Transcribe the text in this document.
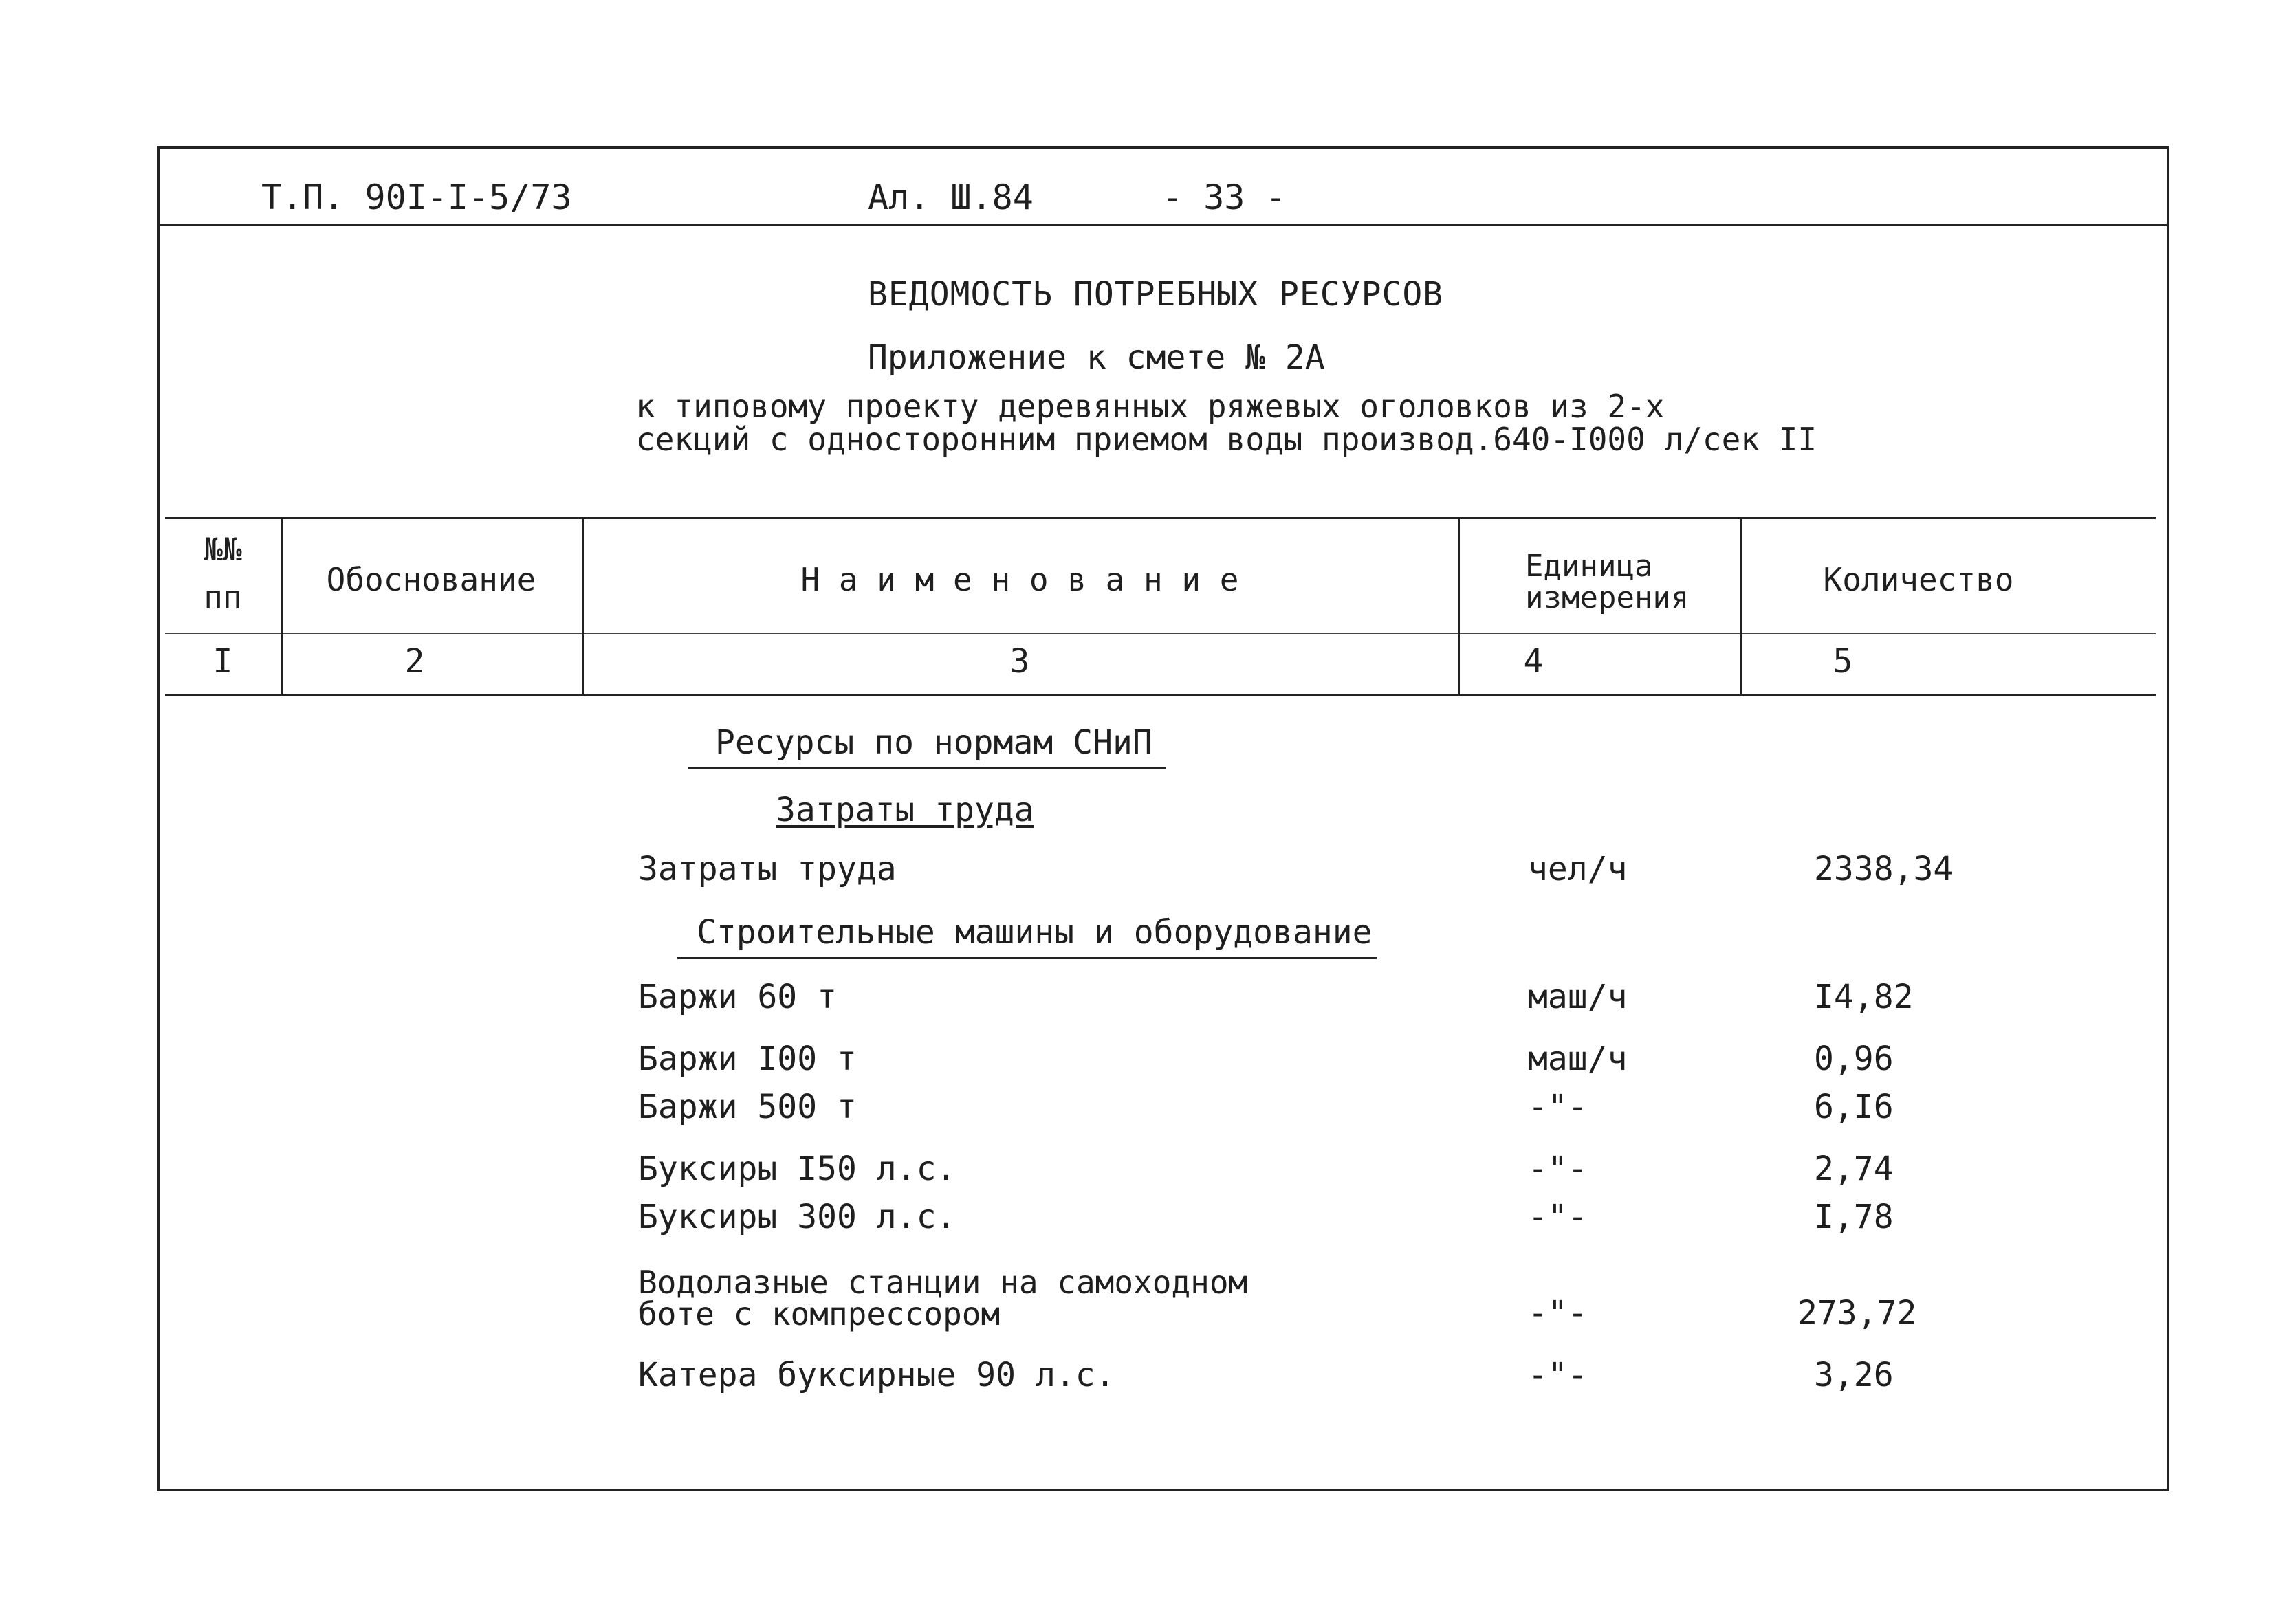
Т.П. 90I-I-5/73	Ал. Ш.84	- 33 -
ВЕДОМОСТЬ ПОТРЕБНЫХ РЕСУРСОВ
Приложение к смете № 2А
к типовому проекту деревянных ряжевых оголовков из 2-х
секций с односторонним приемом воды производ.640-I000 л/сек II
№№
пп	Обоснование	Н а и м е н о в а н и е	Единица
измерения	Количество
I	2	3	4	5
Ресурсы по нормам СНиП
Затраты труда
Строительные машины и оборудование
Затраты труда	чел/ч	2338,34
Баржи 60 т	маш/ч	I4,82
Баржи I00 т	маш/ч	0,96
Баржи 500 т	-"-	6,I6
Буксиры I50 л.с.	-"-	2,74
Буксиры 300 л.с.	-"-	I,78
Водолазные станции на самоходном
боте с компрессором	-"-	273,72
Катера буксирные 90 л.с.	-"-	3,26
